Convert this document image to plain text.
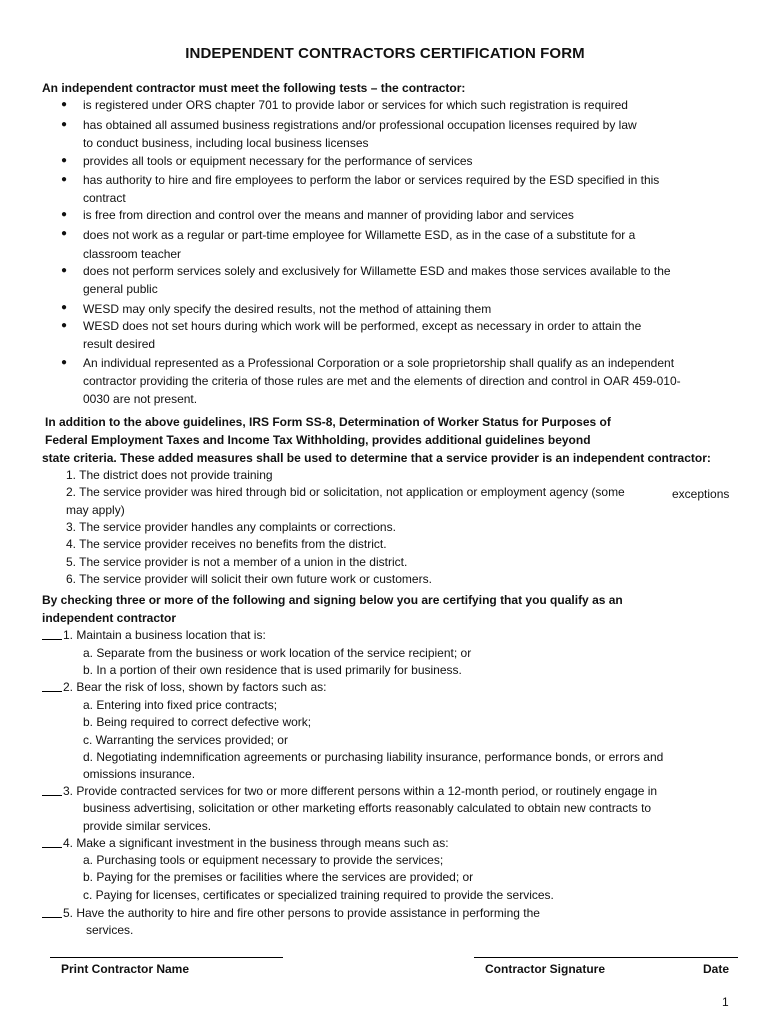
INDEPENDENT CONTRACTORS CERTIFICATION FORM
An independent contractor must meet the following tests – the contractor:
● is registered under ORS chapter 701 to provide labor or services for which such registration is required
● has obtained all assumed business registrations and/or professional occupation licenses required by law
to conduct business, including local business licenses
● provides all tools or equipment necessary for the performance of services
● has authority to hire and fire employees to perform the labor or services required by the ESD specified in this
contract
● is free from direction and control over the means and manner of providing labor and services
● does not work as a regular or part-time employee for Willamette ESD, as in the case of a substitute for a
classroom teacher
● does not perform services solely and exclusively for Willamette ESD and makes those services available to the
general public
● WESD may only specify the desired results, not the method of attaining them
● WESD does not set hours during which work will be performed, except as necessary in order to attain the
result desired
● An individual represented as a Professional Corporation or a sole proprietorship shall qualify as an independent
contractor providing the criteria of those rules are met and the elements of direction and control in OAR 459-010-
0030 are not present.
In addition to the above guidelines, IRS Form SS-8, Determination of Worker Status for Purposes of
Federal Employment Taxes and Income Tax Withholding, provides additional guidelines beyond
state criteria. These added measures shall be used to determine that a service provider is an independent contractor:
1. The district does not provide training
2. The service provider was hired through bid or solicitation, not application or employment agency (some	exceptions
may apply)
3. The service provider handles any complaints or corrections.
4. The service provider receives no benefits from the district.
5. The service provider is not a member of a union in the district.
6. The service provider will solicit their own future work or customers.
By checking three or more of the following and signing below you are certifying that you qualify as an
independent contractor
1. Maintain a business location that is:
a. Separate from the business or work location of the service recipient; or
b. In a portion of their own residence that is used primarily for business.
2. Bear the risk of loss, shown by factors such as:
a. Entering into fixed price contracts;
b. Being required to correct defective work;
c. Warranting the services provided; or
d. Negotiating indemnification agreements or purchasing liability insurance, performance bonds, or errors and
omissions insurance.
3. Provide contracted services for two or more different persons within a 12-month period, or routinely engage in
business advertising, solicitation or other marketing efforts reasonably calculated to obtain new contracts to
provide similar services.
4. Make a significant investment in the business through means such as:
a. Purchasing tools or equipment necessary to provide the services;
b. Paying for the premises or facilities where the services are provided; or
c. Paying for licenses, certificates or specialized training required to provide the services.
5. Have the authority to hire and fire other persons to provide assistance in performing the
services.
Print Contractor Name	Contractor Signature	Date
1
